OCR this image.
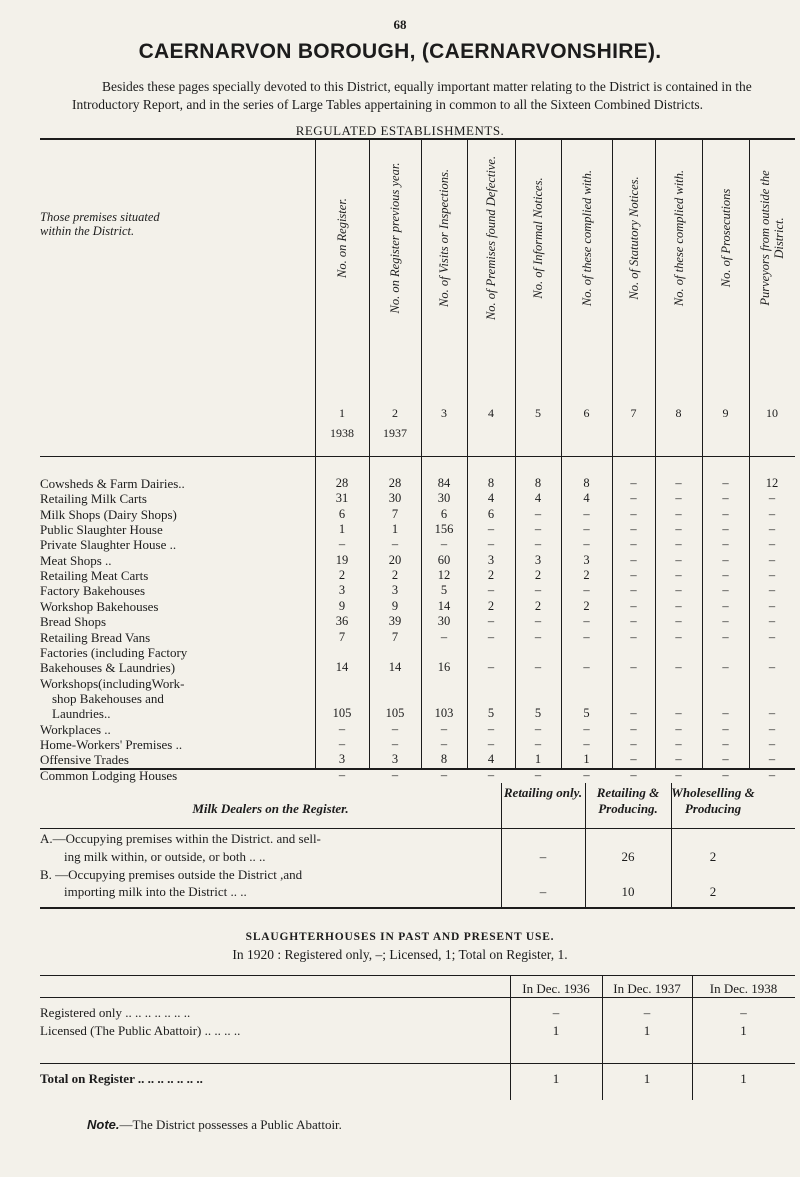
68
CAERNARVON BOROUGH, (CAERNARVONSHIRE).

Besides these pages specially devoted to this District, equally important matter relating to the District is contained in the Introductory Report, and in the series of Large Tables appertaining in common to all the Sixteen Combined Districts.

REGULATED ESTABLISHMENTS.
Those premises situated within the District.	No. on Register.
1
1938
No. on Register previous year.
2
1937
No. of Visits or Inspections.
3
No. of Premises found Defective.
4
No. of Informal Notices.
5
No. of these complied with.
6
No. of Statutory Notices.
7
No. of these complied with.
8
No. of Prosecutions
9
Purveyors from outside the District.
10
Cowsheds & Farm Dairies..	28	28	84	8	8	8	–	–	–	12
Retailing Milk Carts	31	30	30	4	4	4	–	–	–	–
Milk Shops (Dairy Shops)	6	7	6	6	–	–	–	–	–	–
Public Slaughter House	1	1	156	–	–	–	–	–	–	–
Private Slaughter House ..	–	–	–	–	–	–	–	–	–	–
Meat Shops ..	19	20	60	3	3	3	–	–	–	–
Retailing Meat Carts	2	2	12	2	2	2	–	–	–	–
Factory Bakehouses	3	3	5	–	–	–	–	–	–	–
Workshop Bakehouses	9	9	14	2	2	2	–	–	–	–
Bread Shops	36	39	30	–	–	–	–	–	–	–
Retailing Bread Vans	7	7	–	–	–	–	–	–	–	–
Factories (including Factory
Bakehouses & Laundries)	14	14	16	–	–	–	–	–	–	–
Workshops(includingWork-
shop Bakehouses and
Laundries..	105	105	103	5	5	5	–	–	–	–
Workplaces ..	–	–	–	–	–	–	–	–	–	–
Home-Workers' Premises ..	–	–	–	–	–	–	–	–	–	–
Offensive Trades	3	3	8	4	1	1	–	–	–	–
Common Lodging Houses	–	–	–	–	–	–	–	–	–	–
Milk Dealers on the Register.
Retailing only.	Retailing & Producing.
Wholeselling & Producing
A.—Occupying premises within the District. and sell-
ing milk within, or outside, or both .. ..	–	26	2
B. —Occupying premises outside the District ,and
importing milk into the District .. ..	–	10	2
SLAUGHTERHOUSES IN PAST AND PRESENT USE.
In 1920 : Registered only, –; Licensed, 1; Total on Register, 1.
In Dec. 1936	In Dec. 1937	In Dec. 1938
Registered only .. .. .. .. .. .. ..	–	–	–
Licensed (The Public Abattoir) .. .. .. ..	1	1	1
Total on Register .. .. .. .. .. .. ..	1	1	1
Note.—The District possesses a Public Abattoir.
